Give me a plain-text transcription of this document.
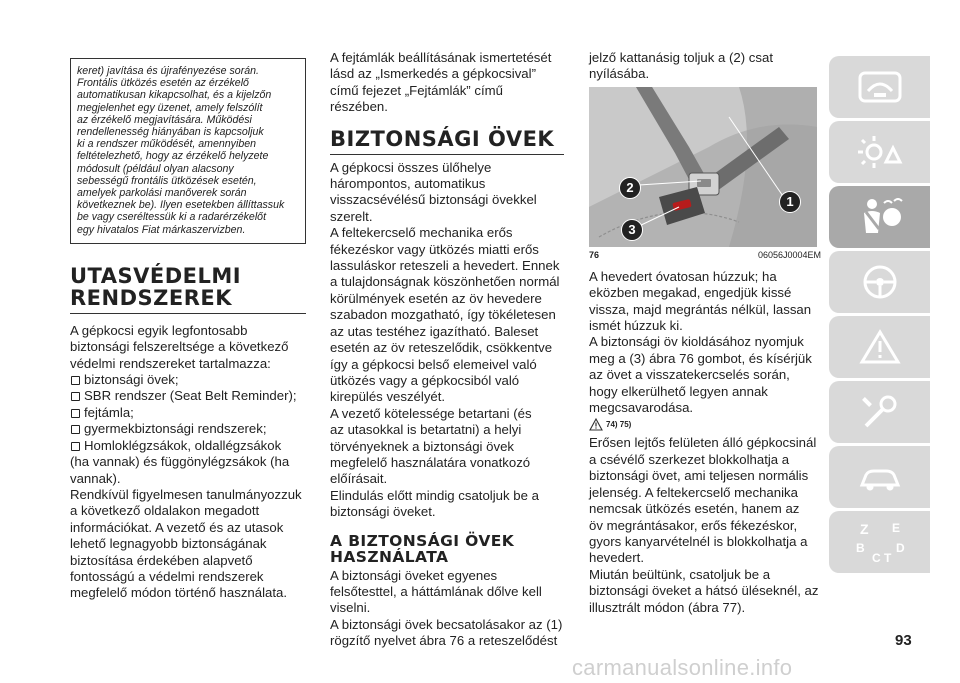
keret) javítása és újrafényezése során.
Frontális ütközés esetén az érzékelő
automatikusan kikapcsolhat, és a kijelzőn
megjelenhet egy üzenet, amely felszólít
az érzékelő megjavítására. Működési
rendellenesség hiányában is kapcsoljuk
ki a rendszer működését, amennyiben
feltételezhető, hogy az érzékelő helyzete
módosult (például olyan alacsony
sebességű frontális ütközések esetén,
amelyek parkolási manőverek során
következnek be). Ilyen esetekben állíttassuk
be vagy cseréltessük ki a radarérzékelőt
egy hivatalos Fiat márkaszervizben.
UTASVÉDELMI
RENDSZEREK
A gépkocsi egyik legfontosabb
biztonsági felszereltsége a következő
védelmi rendszereket tartalmazza:
biztonsági övek;
SBR rendszer (Seat Belt Reminder);
fejtámla;
gyermekbiztonsági rendszerek;
Homloklégzsákok, oldallégzsákok
(ha vannak) és függönylégzsákok (ha
vannak).
Rendkívül figyelmesen tanulmányozzuk
a következő oldalakon megadott
információkat. A vezető és az utasok
lehető legnagyobb biztonságának
biztosítása érdekében alapvető
fontosságú a védelmi rendszerek
megfelelő módon történő használata.
A fejtámlák beállításának ismertetését
lásd az „Ismerkedés a gépkocsival”
című fejezet „Fejtámlák” című részében.
BIZTONSÁGI ÖVEK
A gépkocsi összes ülőhelye
hárompontos, automatikus
visszacsévélésű biztonsági övekkel
szerelt.
A feltekercselő mechanika erős
fékezéskor vagy ütközés miatti erős
lassuláskor reteszeli a hevedert. Ennek
a tulajdonságnak köszönhetően normál
körülmények esetén az öv hevedere
szabadon mozgatható, így tökéletesen
az utas testéhez igazítható. Baleset
esetén az öv reteszelődik, csökkentve
így a gépkocsi belső elemeivel való
ütközés vagy a gépkocsiból való
kirepülés veszélyét.
A vezető kötelessége betartani (és
az utasokkal is betartatni) a helyi
törvényeknek a biztonsági övek
megfelelő használatára vonatkozó
előírásait.
Elindulás előtt mindig csatoljuk be a
biztonsági öveket.
A BIZTONSÁGI ÖVEK
HASZNÁLATA
A biztonsági öveket egyenes
felsőtesttel, a háttámlának dőlve kell
viselni.
A biztonsági övek becsatolásakor az (1)
rögzítő nyelvet ábra 76 a reteszelődést
jelző kattanásig toljuk a (2) csat
nyílásába.
1
2
3
76	06056J0004EM
A hevedert óvatosan húzzuk; ha
eközben megakad, engedjük kissé
vissza, majd megrántás nélkül, lassan
ismét húzzuk ki.
A biztonsági öv kioldásához nyomjuk
meg a (3) ábra 76 gombot, és kísérjük
az övet a visszatekercselés során,
hogy elkerülhető legyen annak
megcsavarodása.
74) 75)
Erősen lejtős felületen álló gépkocsinál
a csévélő szerkezet blokkolhatja a
biztonsági övet, ami teljesen normális
jelenség. A feltekercselő mechanika
nemcsak ütközés esetén, hanem az
öv megrántásakor, erős fékezéskor,
gyors kanyarvételnél is blokkolhatja a
hevedert.
Miután beültünk, csatoljuk be a
biztonsági öveket a hátsó üléseknél, az
illusztrált módon (ábra 77).
Z E
B
C T
D
93
carmanualsonline.info
